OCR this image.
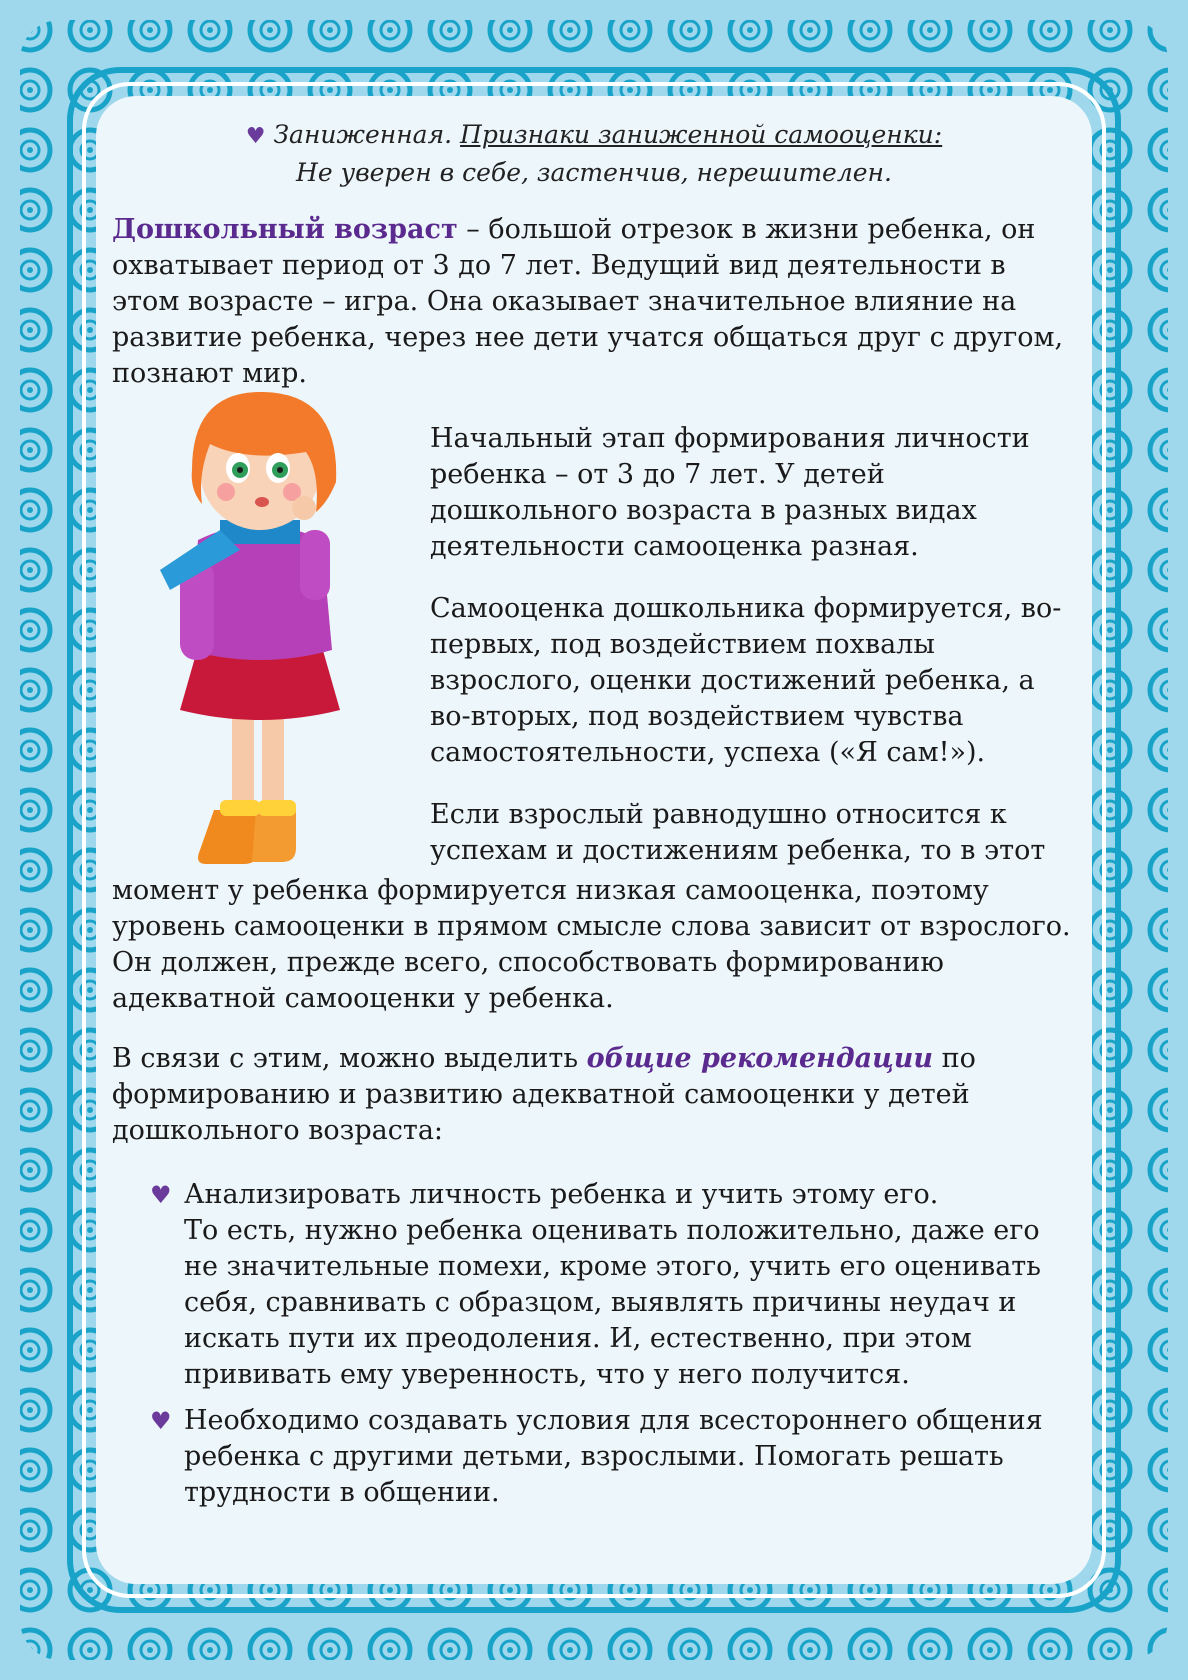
♥ Заниженная. Признаки заниженной самооценки:
Не уверен в себе, застенчив, нерешителен.
Дошкольный возраст – большой отрезок в жизни ребенка, он охватывает период от 3 до 7 лет. Ведущий вид деятельности в этом возрасте – игра. Она оказывает значительное влияние на развитие ребенка, через нее дети учатся общаться друг с другом, познают мир.
Начальный этап формирования личности ребенка – от 3 до 7 лет. У детей дошкольного возраста в разных видах деятельности самооценка разная.
Самооценка дошкольника формируется, во-первых, под воздействием похвалы взрослого, оценки достижений ребенка, а во-вторых, под воздействием чувства самостоятельности, успеха («Я сам!»).
Если взрослый равнодушно относится к успехам и достижениям ребенка, то в этот
момент у ребенка формируется низкая самооценка, поэтому уровень самооценки в прямом смысле слова зависит от взрослого. Он должен, прежде всего, способствовать формированию адекватной самооценки у ребенка.
В связи с этим, можно выделить общие рекомендации по формированию и развитию адекватной самооценки у детей дошкольного возраста:
♥ Анализировать личность ребенка и учить этому его.

То есть, нужно ребенка оценивать положительно, даже его не значительные помехи, кроме этого, учить его оценивать себя, сравнивать с образцом, выявлять причины неудач и искать пути их преодоления. И, естественно, при этом прививать ему уверенность, что у него получится.

♥ Необходимо создавать условия для всестороннего общения ребенка с другими детьми, взрослыми. Помогать решать трудности в общении.
